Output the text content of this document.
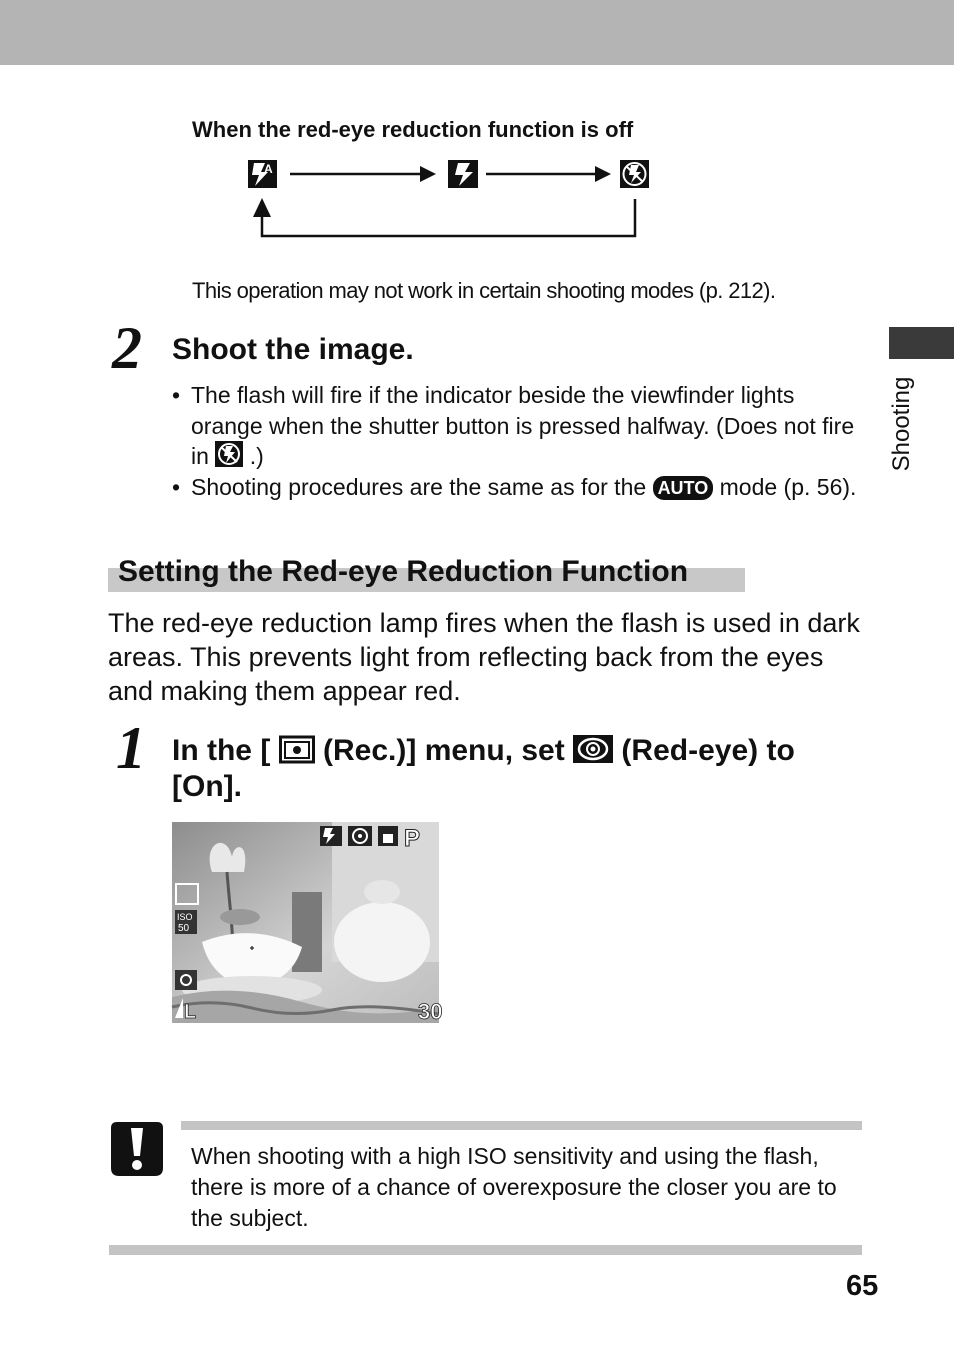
When the red-eye reduction function is off
A
This operation may not work in certain shooting modes (p. 212).
2 Shoot the image.
• The flash will fire if the indicator beside the viewfinder lights orange when the shutter button is pressed halfway. (Does not fire in .)
• Shooting procedures are the same as for the AUTO mode (p. 56).
Setting the Red-eye Reduction Function
The red-eye reduction lamp fires when the flash is used in dark areas. This prevents light from reflecting back from the eyes and making them appear red.
1 In the [ (Rec.)] menu, set (Red-eye) to [On].
P
ISO
50
L	30
Shooting
When shooting with a high ISO sensitivity and using the flash, there is more of a chance of overexposure the closer you are to the subject.
65
